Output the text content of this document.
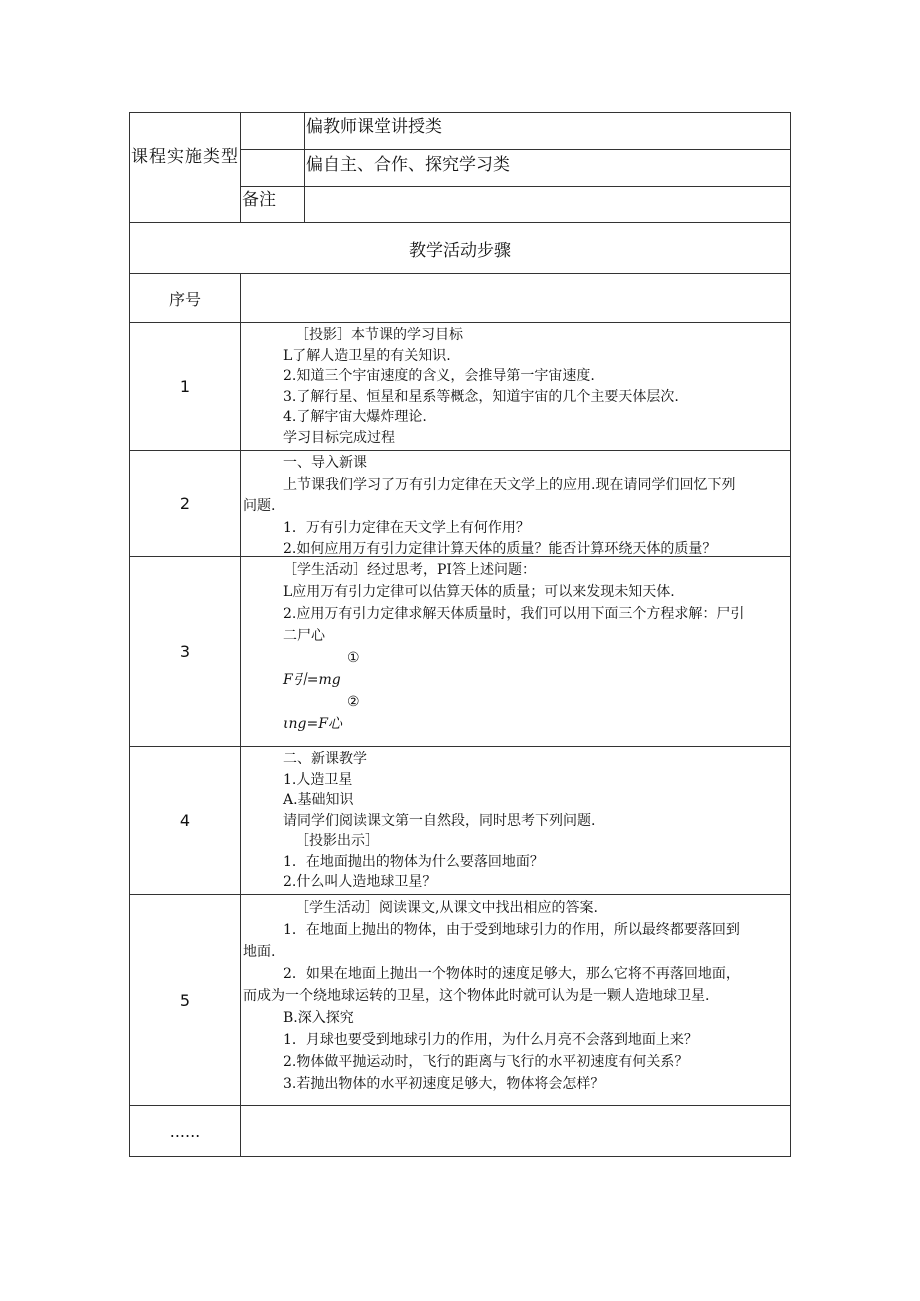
课程实施类型
偏教师课堂讲授类
偏自主、合作、探究学习类
备注
教学活动步骤
序号
1
［投影］本节课的学习目标
L了解人造卫星的有关知识.
2.知道三个宇宙速度的含义，会推导第一宇宙速度.
3.了解行星、恒星和星系等概念，知道宇宙的几个主要天体层次.
4.了解宇宙大爆炸理论.
学习目标完成过程
2
一、导入新课
上节课我们学习了万有引力定律在天文学上的应用.现在请同学们回忆下列
问题.
1．万有引力定律在天文学上有何作用？
2.如何应用万有引力定律计算天体的质量？能否计算环绕天体的质量？
3
［学生活动］经过思考，PI答上述问题：
L应用万有引力定律可以估算天体的质量；可以来发现未知天体.
2.应用万有引力定律求解天体质量时，我们可以用下面三个方程求解：尸引
二尸心
①
F引=mg
②
ιng=F心
4
二、新课教学
1.人造卫星
A.基础知识
请同学们阅读课文第一自然段，同时思考下列问题.
［投影出示］
1．在地面抛出的物体为什么要落回地面？
2.什么叫人造地球卫星？
5
［学生活动］阅读课文,从课文中找出相应的答案.
1．在地面上抛出的物体，由于受到地球引力的作用，所以最终都要落回到
地面.
2．如果在地面上抛出一个物体时的速度足够大，那么它将不再落回地面，
而成为一个绕地球运转的卫星，这个物体此时就可认为是一颗人造地球卫星.
B.深入探究
1．月球也要受到地球引力的作用，为什么月亮不会落到地面上来？
2.物体做平抛运动时，飞行的距离与飞行的水平初速度有何关系？
3.若抛出物体的水平初速度足够大，物体将会怎样？
......
